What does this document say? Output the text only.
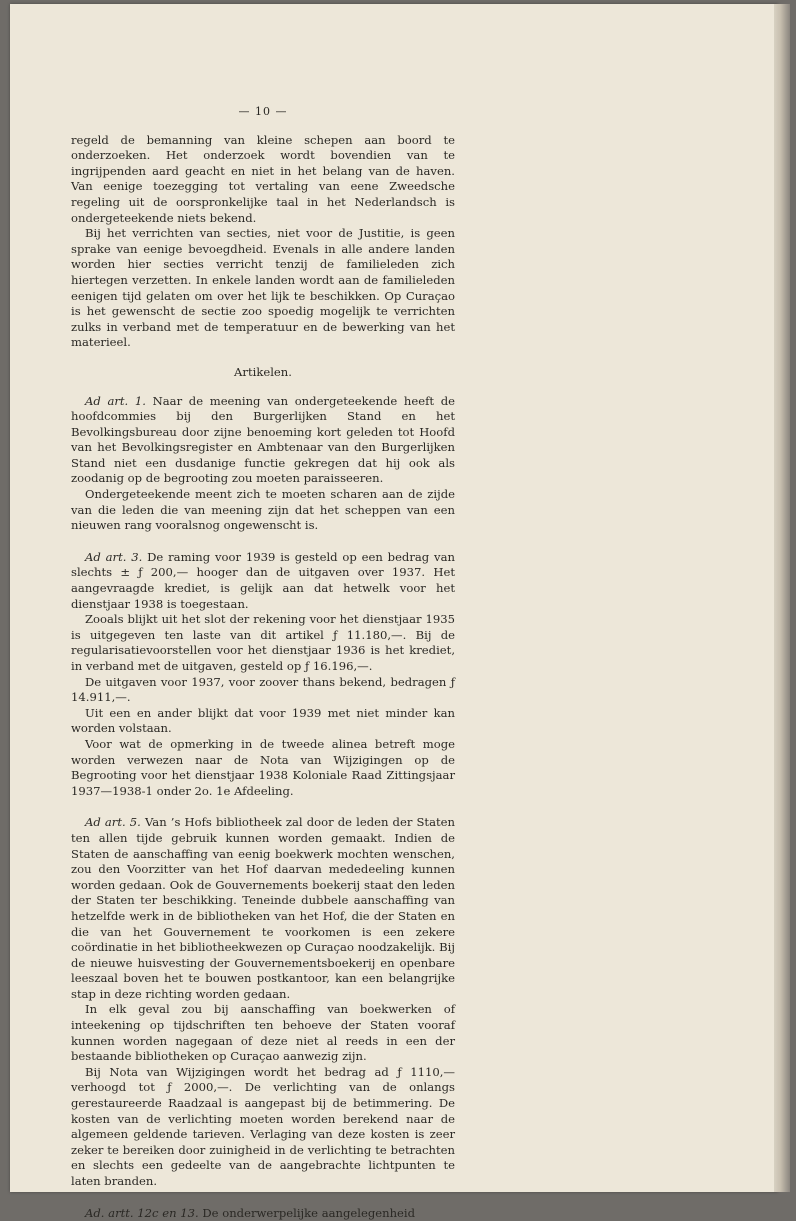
— 10 —

regeld de bemanning van kleine schepen aan boord te onderzoeken. Het onderzoek wordt bovendien van te ingrijpenden aard geacht en niet in het belang van de haven. Van eenige toezegging tot vertaling van eene Zweedsche regeling uit de oorspronkelijke taal in het Nederlandsch is ondergeteekende niets bekend.

Bij het verrichten van secties, niet voor de Justitie, is geen sprake van eenige bevoegdheid. Evenals in alle andere landen worden hier secties verricht tenzij de familieleden zich hiertegen verzetten. In enkele landen wordt aan de familieleden eenigen tijd gelaten om over het lijk te beschikken. Op Curaçao is het gewenscht de sectie zoo spoedig mogelijk te verrichten zulks in verband met de temperatuur en de bewerking van het materieel.

Artikelen.

Ad art. 1. Naar de meening van ondergeteekende heeft de hoofdcommies bij den Burgerlijken Stand en het Bevolkingsbureau door zijne benoeming kort geleden tot Hoofd van het Bevolkingsregister en Ambtenaar van den Burgerlijken Stand niet een dusdanige functie gekregen dat hij ook als zoodanig op de begrooting zou moeten paraisseeren.

Ondergeteekende meent zich te moeten scharen aan de zijde van die leden die van meening zijn dat het scheppen van een nieuwen rang vooralsnog ongewenscht is.

Ad art. 3. De raming voor 1939 is gesteld op een bedrag van slechts ± ƒ 200,— hooger dan de uitgaven over 1937. Het aangevraagde krediet, is gelijk aan dat hetwelk voor het dienstjaar 1938 is toegestaan.

Zooals blijkt uit het slot der rekening voor het dienstjaar 1935 is uitgegeven ten laste van dit artikel ƒ 11.180,—. Bij de regularisatievoorstellen voor het dienstjaar 1936 is het krediet, in verband met de uitgaven, gesteld op ƒ 16.196,—.

De uitgaven voor 1937, voor zoover thans bekend, bedragen ƒ 14.911,—.

Uit een en ander blijkt dat voor 1939 met niet minder kan worden volstaan.

Voor wat de opmerking in de tweede alinea betreft moge worden verwezen naar de Nota van Wijzigingen op de Begrooting voor het dienstjaar 1938 Koloniale Raad Zittingsjaar 1937—1938-1 onder 2o. 1e Afdeeling.

Ad art. 5. Van ’s Hofs bibliotheek zal door de leden der Staten ten allen tijde gebruik kunnen worden gemaakt. Indien de Staten de aanschaffing van eenig boekwerk mochten wenschen, zou den Voorzitter van het Hof daarvan mededeeling kunnen worden gedaan. Ook de Gouvernements boekerij staat den leden der Staten ter beschikking. Teneinde dubbele aanschaffing van hetzelfde werk in de bibliotheken van het Hof, die der Staten en die van het Gouvernement te voorkomen is een zekere coördinatie in het bibliotheekwezen op Curaçao noodzakelijk. Bij de nieuwe huisvesting der Gouvernementsboekerij en openbare leeszaal boven het te bouwen postkantoor, kan een belangrijke stap in deze richting worden gedaan.

In elk geval zou bij aanschaffing van boekwerken of inteekening op tijdschriften ten behoeve der Staten vooraf kunnen worden nagegaan of deze niet al reeds in een der bestaande bibliotheken op Curaçao aanwezig zijn.

Bij Nota van Wijzigingen wordt het bedrag ad ƒ 1110,— verhoogd tot ƒ 2000,—. De verlichting van de onlangs gerestaureerde Raadzaal is aangepast bij de betimmering. De kosten van de verlichting moeten worden berekend naar de algemeen geldende tarieven. Verlaging van deze kosten is zeer zeker te bereiken door zuinigheid in de verlichting te betrachten en slechts een gedeelte van de aangebrachte lichtpunten te laten branden.

Ad. artt. 12c en 13. De onderwerpelijke aangelegenheid
